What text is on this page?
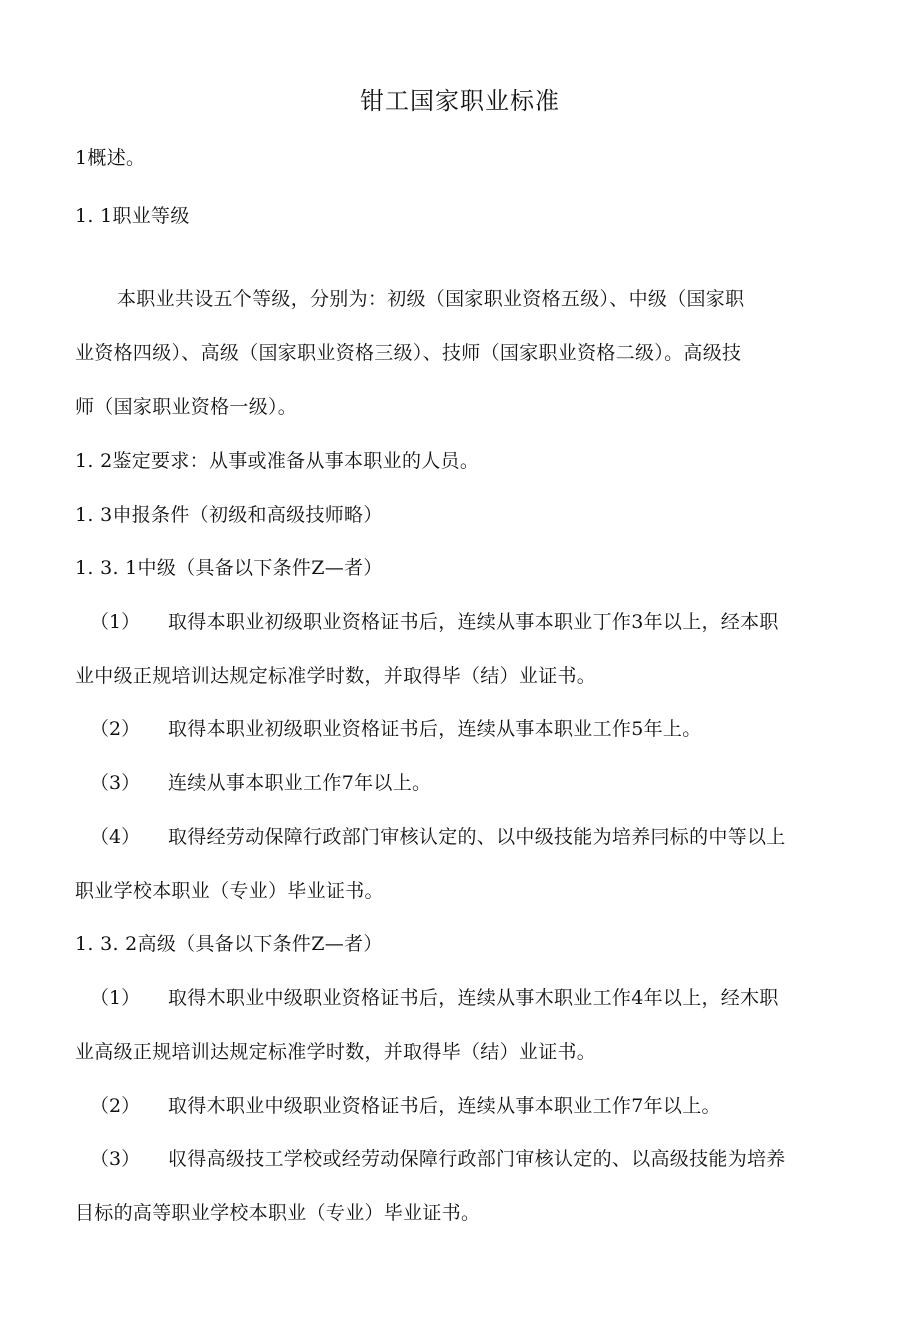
钳工国家职业标准
1概述。
1. 1职业等级
本职业共设五个等级，分别为：初级（国家职业资格五级）、中级（国家职
业资格四级）、高级（国家职业资格三级）、技师（国家职业资格二级）。高级技
师（国家职业资格一级）。
1. 2鉴定要求：从事或准备从事本职业的人员。
1. 3申报条件（初级和高级技师略）
1. 3. 1中级（具备以下条件Z—者）
（1） 取得本职业初级职业资格证书后，连续从事本职业丁作3年以上，经本职
业中级正规培训达规定标准学时数，并取得毕（结）业证书。
（2） 取得本职业初级职业资格证书后，连续从事本职业工作5年上。
（3） 连续从事本职业工作7年以上。
（4） 取得经劳动保障行政部门审核认定的、以中级技能为培养冃标的中等以上
职业学校本职业（专业）毕业证书。
1. 3. 2高级（具备以下条件Z—者）
（1） 取得木职业中级职业资格证书后，连续从事木职业工作4年以上，经木职
业高级正规培训达规定标准学时数，并取得毕（结）业证书。
（2） 取得木职业中级职业资格证书后，连续从事本职业工作7年以上。
（3） 収得高级技工学校或经劳动保障行政部门审核认定的、以高级技能为培养
目标的高等职业学校本职业（专业）毕业证书。
